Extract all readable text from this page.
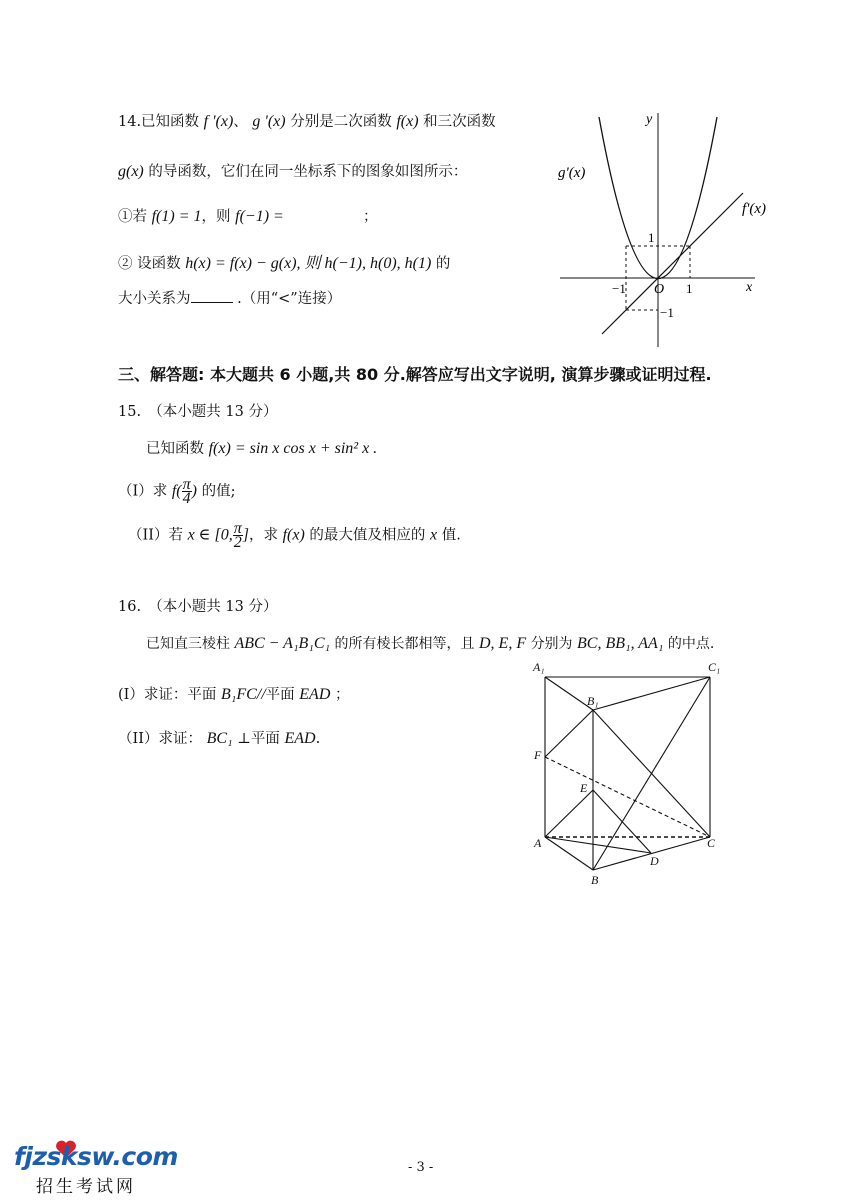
14.已知函数 f '(x)、 g '(x) 分别是二次函数 f(x) 和三次函数
g(x) 的导函数，它们在同一坐标系下的图象如图所示：
①若 f(1) = 1，则 f(−1) =	；
② 设函数 h(x) = f(x) − g(x), 则 h(−1), h(0), h(1) 的
大小关系为	.（用“<”连接）
y
x
g'(x)
f'(x)
O 1
−1
1
−1
三、解答题: 本大题共 6 小题,共 80 分.解答应写出文字说明, 演算步骤或证明过程.
15.　（本小题共 13 分）
已知函数 f(x) = sin x cos x + sin² x .
（Ⅰ）求 $f( \frac{\pi}{4}$ ) 的值;
（II）若 x ∈ [0, $\frac{\pi}{2}$ ]，求 f(x) 的最大值及相应的 x 值.
16.　（本小题共 13 分）
已知直三棱柱 ABC − A₁B₁C₁ 的所有棱长都相等，且 D, E, F 分别为 BC, BB₁, AA₁ 的中点.
(I）求证：平面 B₁FC//平面 EAD ；
（II）求证： BC₁ ⊥平面 EAD.
A₁	C₁
B₁
F
E
A	C
D
B
- 3 -
fjzsksw.com
招生考试网
